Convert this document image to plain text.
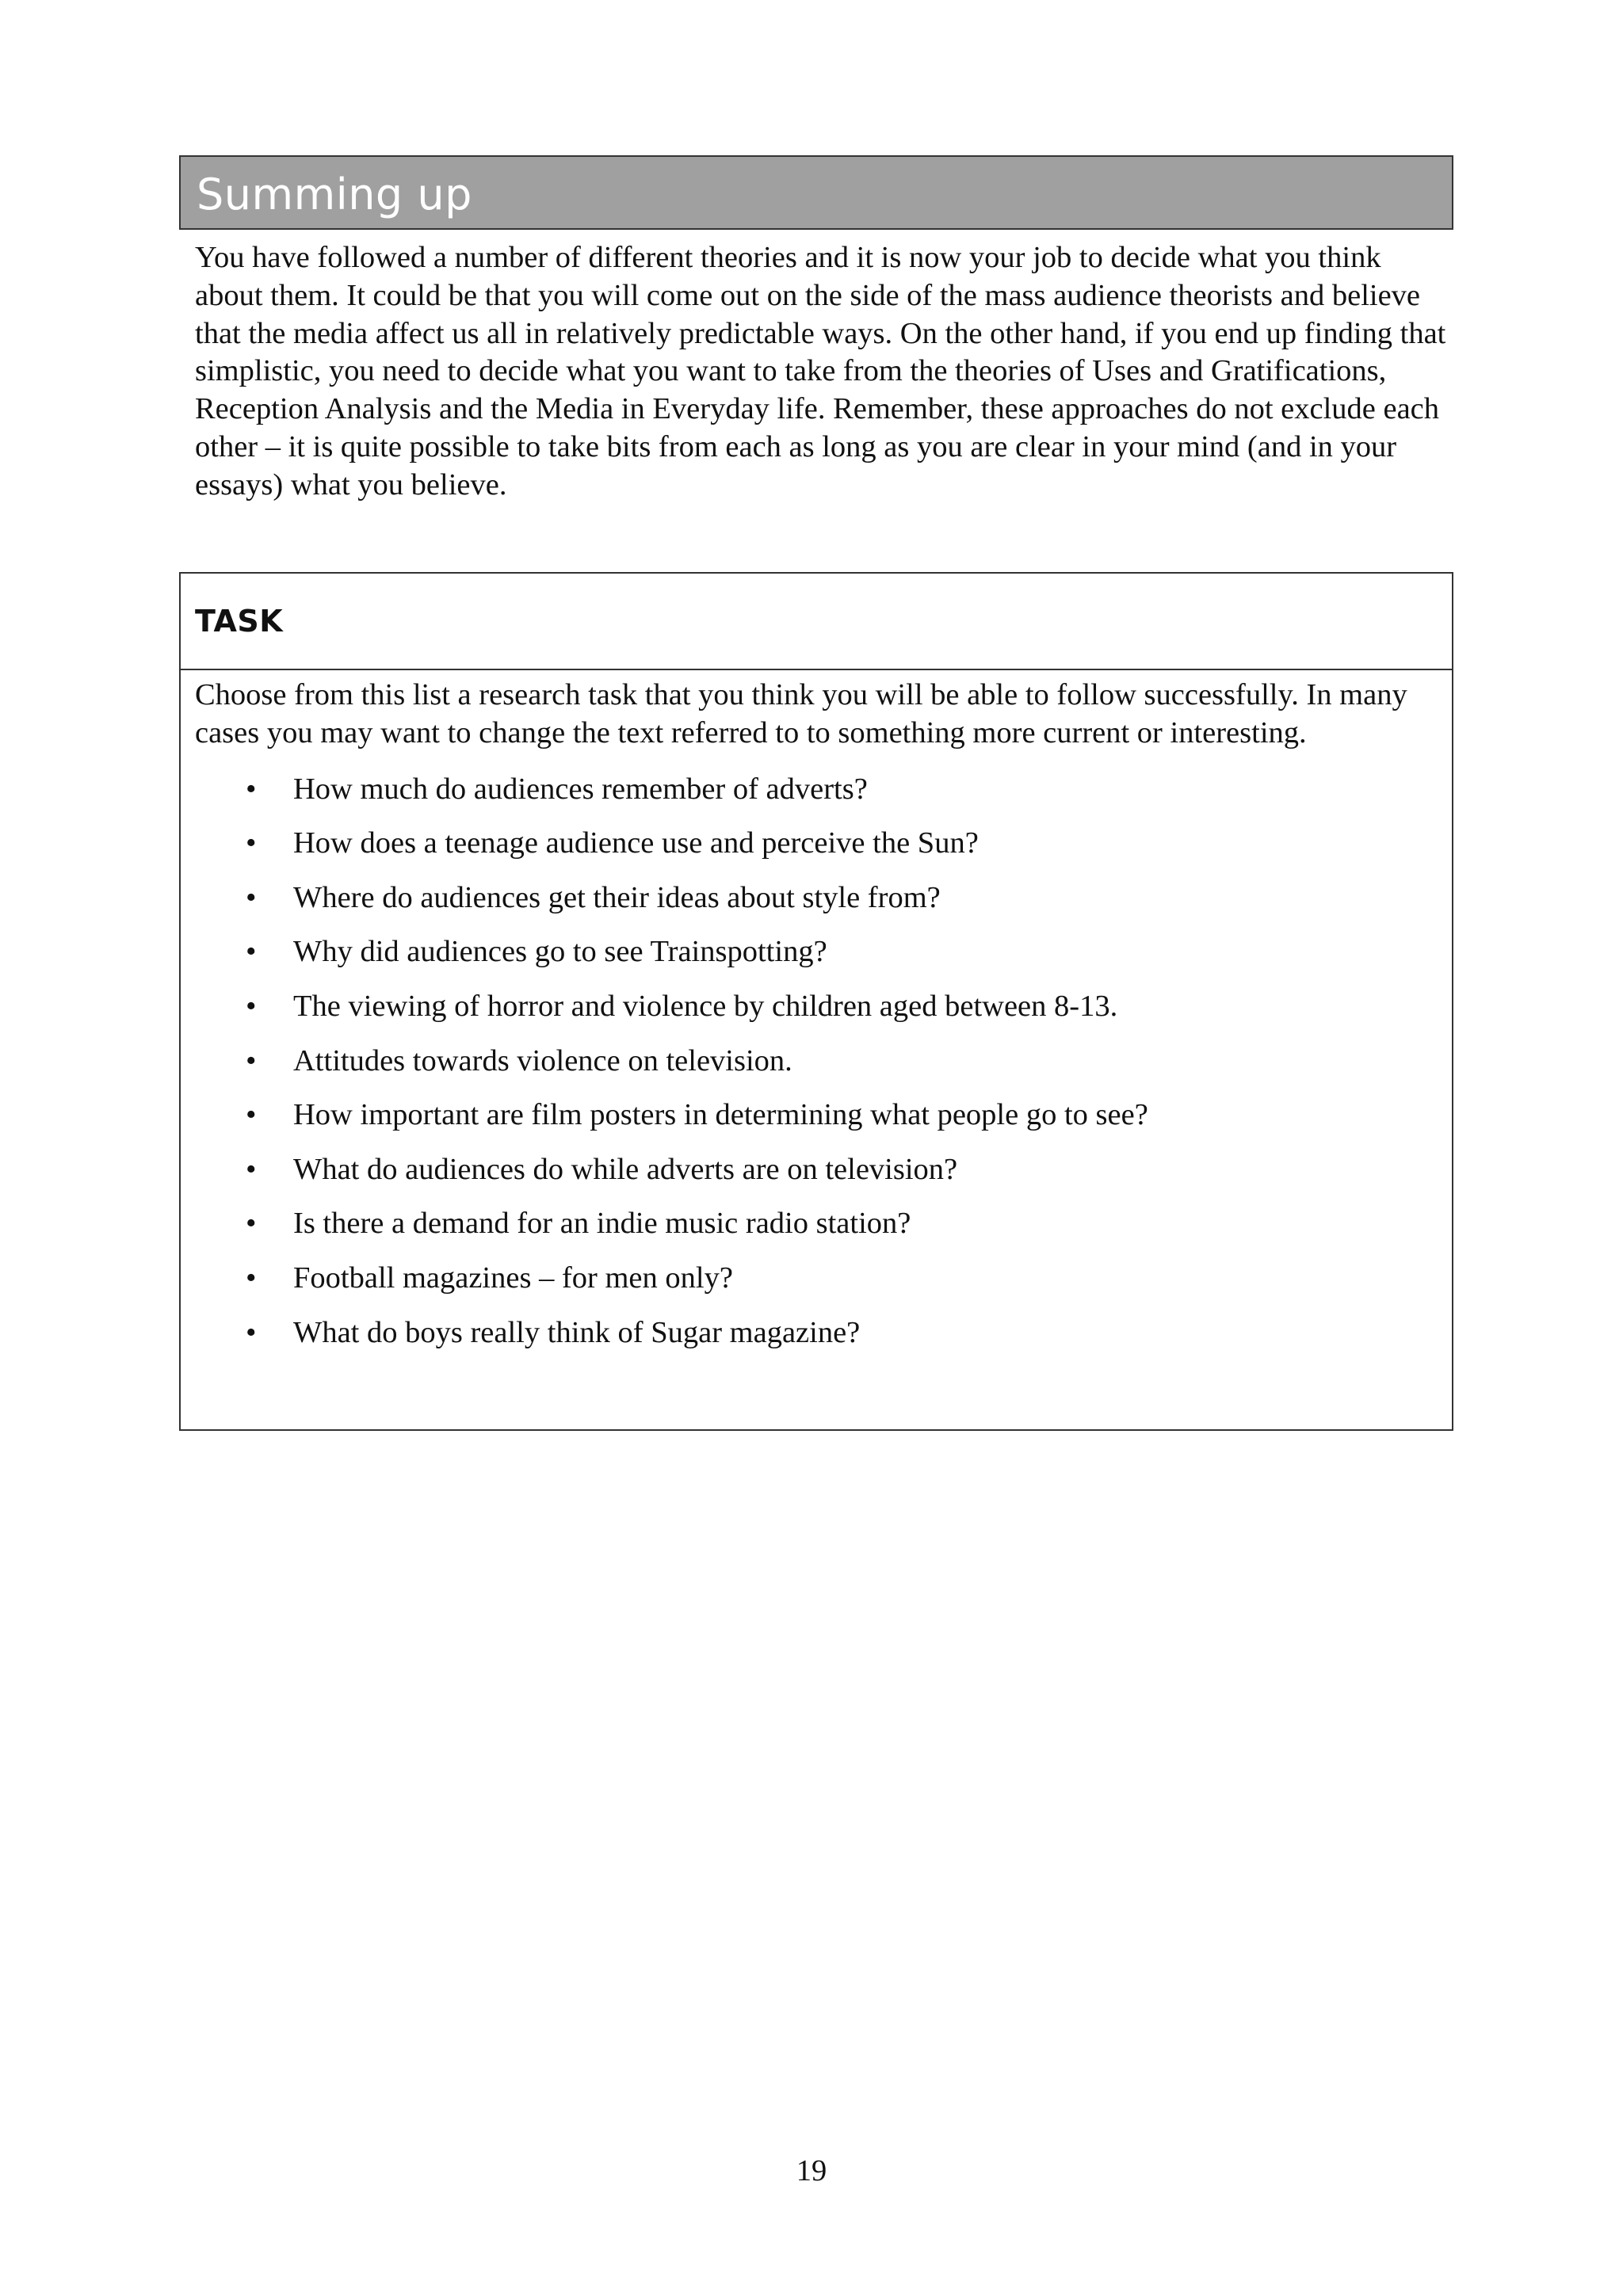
Summing up

You have followed a number of different theories and it is now your job to decide what you think about them. It could be that you will come out on the side of the mass audience theorists and believe that the media affect us all in relatively predictable ways. On the other hand, if you end up finding that simplistic, you need to decide what you want to take from the theories of Uses and Gratifications, Reception Analysis and the Media in Everyday life. Remember, these approaches do not exclude each other – it is quite possible to take bits from each as long as you are clear in your mind (and in your essays) what you believe.

TASK

Choose from this list a research task that you think you will be able to follow successfully. In many cases you may want to change the text referred to to something more current or interesting.

•	How much do audiences remember of adverts?
•	How does a teenage audience use and perceive the Sun?
•	Where do audiences get their ideas about style from?
•	Why did audiences go to see Trainspotting?
•	The viewing of horror and violence by children aged between 8-13.
•	Attitudes towards violence on television.
•	How important are film posters in determining what people go to see?
•	What do audiences do while adverts are on television?
•	Is there a demand for an indie music radio station?
•	Football magazines – for men only?
•	What do boys really think of Sugar magazine?
19
